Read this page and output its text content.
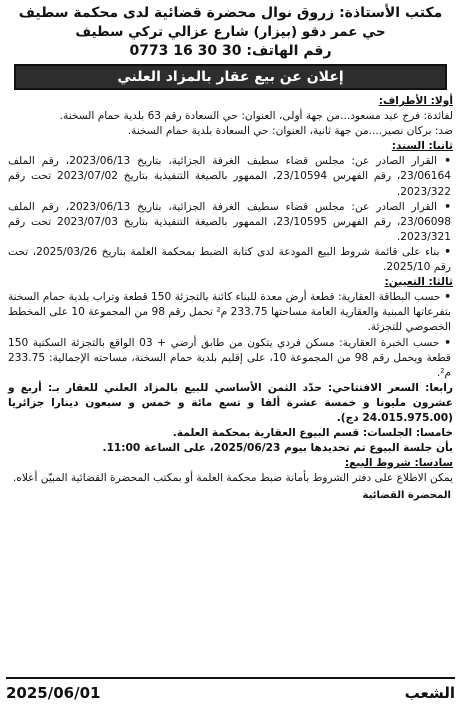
مكتب الأستاذة: زروق نوال محضرة قضائية لدى محكمة سطيف
حي عمر دقو (بيزار) شارع عزالي تركي سطيف
رقم الهاتف: 30 30 16 0773
إعلان عن بيع عقار بالمزاد العلني

أولا: الأطراف:

لفائدة: فرج عبد مسعود...من جهة أولى، العنوان: حي السعادة رقم 63 بلدية حمام السخنة.

ضد: بركان نصير....من جهة ثانية، العنوان: حي السعادة بلدية حمام السخنة.

ثانيا: السند:

• القرار الصادر عن: مجلس قضاء سطيف الغرفة الجزائية، بتاريخ 2023/06/13، رقم الملف 23/06164، رقم الفهرس 23/10594، الممهور بالصيغة التنفيذية بتاريخ 2023/07/02 تحت رقم 2023/322.

• القرار الصادر عن: مجلس قضاء سطيف الغرفة الجزائية، بتاريخ 2023/06/13، رقم الملف 23/06098، رقم الفهرس 23/10595، الممهور بالصيغة التنفيذية بتاريخ 2023/07/03 تحت رقم 2023/321.

• بناء على قائمة شروط البيع المودعة لدى كتابة الضبط بمحكمة العلمة بتاريخ 2025/03/26، تحت رقم 2025/10.

ثالثا: التعيين:

• حسب البطاقة العقارية: قطعة أرض معدة للبناء كائنة بالتجزئة 150 قطعة وتراب بلدية حمام السخنة بتفرعاتها المبنية والعقارية العامة مساحتها 233.75 م² تحمل رقم 98 من المجموعة 10 على المخطط الخصوصي للتجزئة.

• حسب الخبرة العقارية: مسكن فردي يتكون من طابق أرضي + 03 الواقع بالتجزئة السكنية 150 قطعة ويحمل رقم 98 من المجموعة 10، على إقليم بلدية حمام السخنة، مساحته الإجمالية: 233.75 م².

رابعا: السعر الافتتاحي: حدّد الثمن الأساسي للبيع بالمزاد العلني للعقار بـ: أربع و عشرون مليونا و خمسة عشرة ألفا و تسع مائة و خمس و سبعون دينارا جزائريا (24.015.975.00 دج).

خامسا: الجلسات: قسم البيوع العقارية بمحكمة العلمة.

بأن جلسة البيوع تم تحديدها بيوم 2025/06/23، على الساعة 11:00.

سادسا: شروط البيع:

يمكن الاطلاع على دفتر الشروط بأمانة ضبط محكمة العلمة أو بمكتب المحضرة القضائية المبيّن أعلاه.

المحضرة القضائية
الشعب
2025/06/01
